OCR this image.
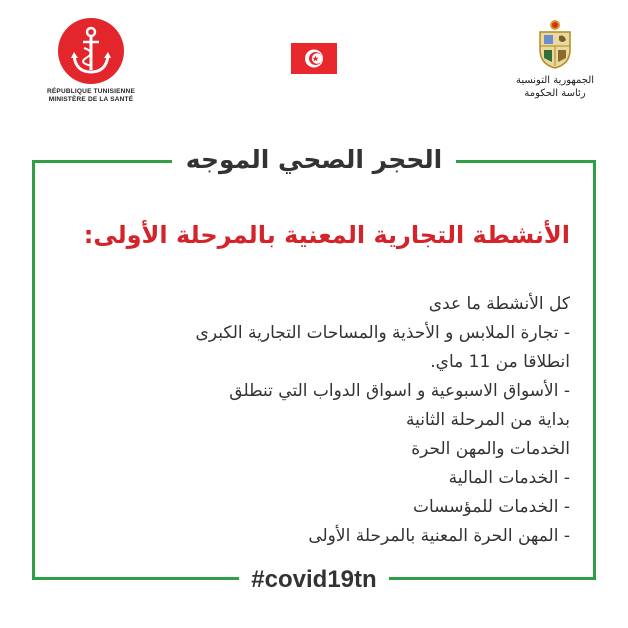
RÉPUBLIQUE TUNISIENNE
MINISTÈRE DE LA SANTÉ
الجمهورية التونسية
رئاسة الحكومة
الحجر الصحي الموجه
الأنشطة التجارية المعنية بالمرحلة الأولى:
كل الأنشطة ما عدى
- تجارة الملابس و الأحذية والمساحات التجارية الكبرى
انطلاقا من 11 ماي.
- الأسواق الاسبوعية و اسواق الدواب التي تنطلق
بداية من المرحلة الثانية
الخدمات والمهن الحرة
- الخدمات المالية
- الخدمات للمؤسسات
- المهن الحرة المعنية بالمرحلة الأولى
#covid19tn
